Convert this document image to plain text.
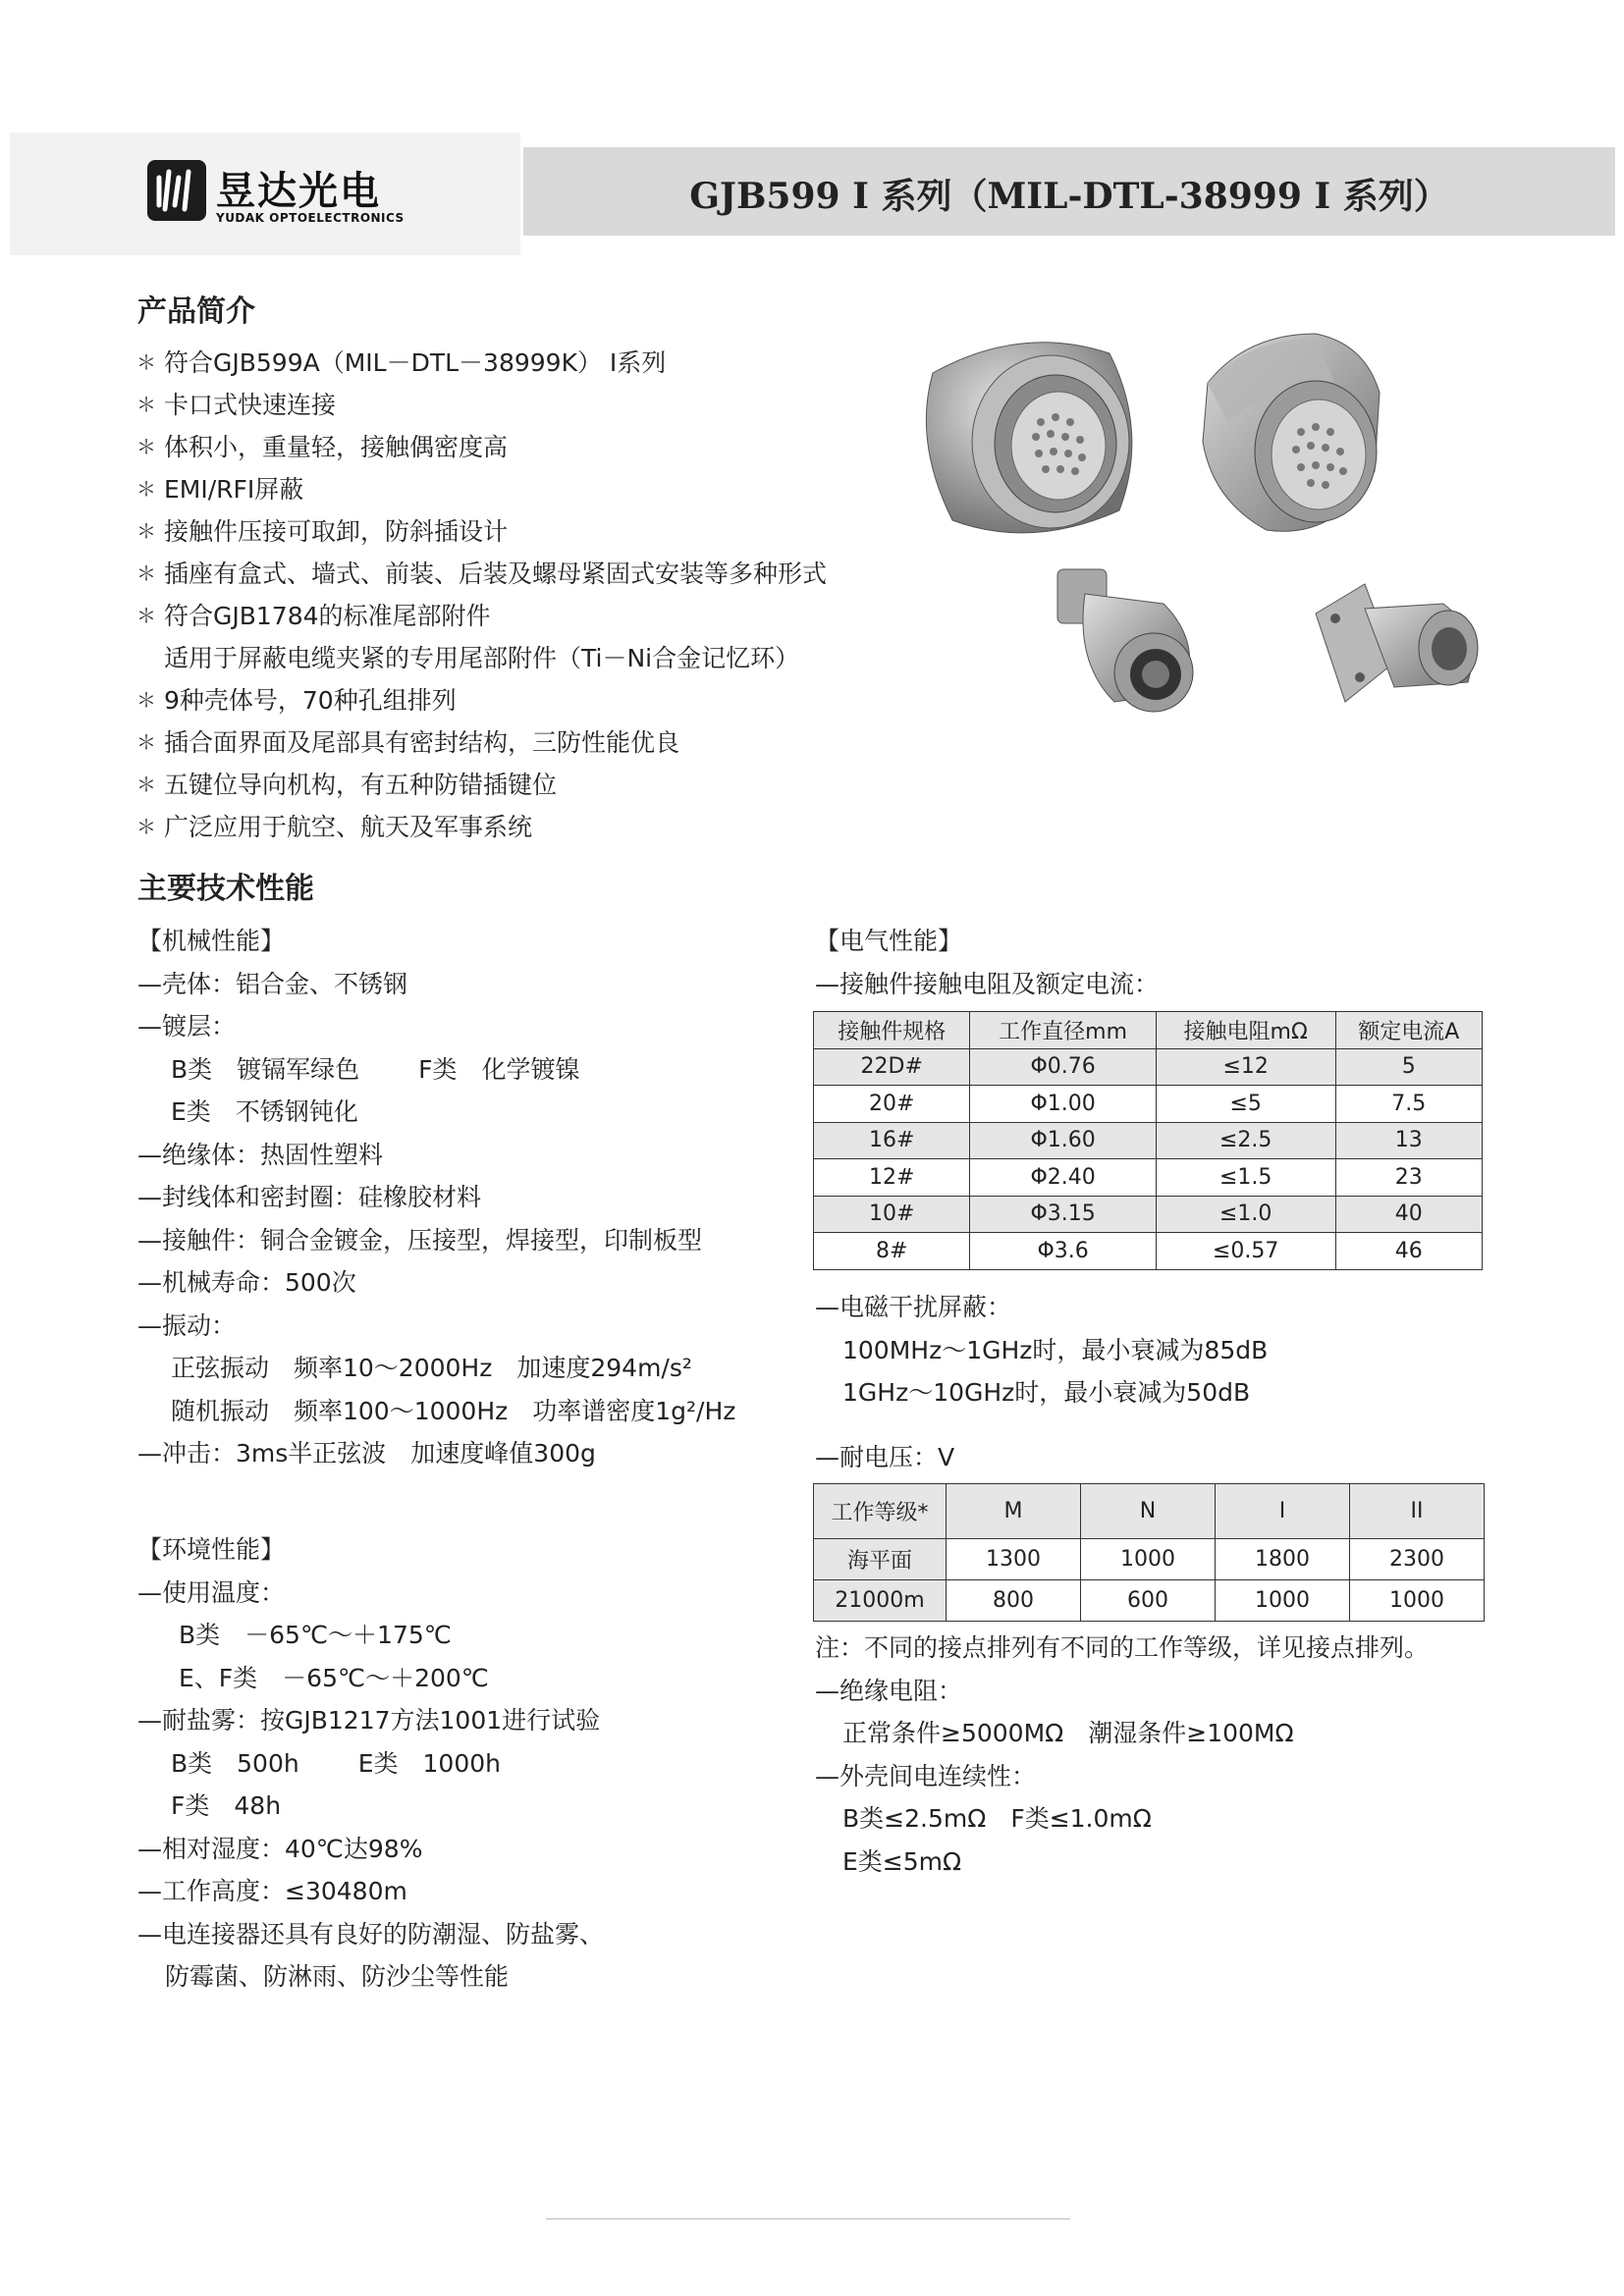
昱达光电
YUDAK OPTOELECTRONICS
GJB599 I 系列（MIL-DTL-38999 I 系列）
产品简介
＊ 符合GJB599A（MIL－DTL－38999K） Ⅰ系列
＊ 卡口式快速连接
＊ 体积小，重量轻，接触偶密度高
＊ EMI/RFI屏蔽
＊ 接触件压接可取卸，防斜插设计
＊ 插座有盒式、墙式、前装、后装及螺母紧固式安装等多种形式
＊ 符合GJB1784的标准尾部附件
适用于屏蔽电缆夹紧的专用尾部附件（Ti－Ni合金记忆环）
＊ 9种壳体号，70种孔组排列
＊ 插合面界面及尾部具有密封结构，三防性能优良
＊ 五键位导向机构，有五种防错插键位
＊ 广泛应用于航空、航天及军事系统
主要技术性能
【机械性能】
—壳体：铝合金、不锈钢
—镀层：
B类　镀镉军绿色 F类　化学镀镍
E类　不锈钢钝化
—绝缘体：热固性塑料
—封线体和密封圈：硅橡胶材料
—接触件：铜合金镀金，压接型，焊接型，印制板型
—机械寿命：500次
—振动：
正弦振动　频率10～2000Hz　加速度294m/s²
随机振动　频率100～1000Hz　功率谱密度1g²/Hz
—冲击：3ms半正弦波　加速度峰值300g
【环境性能】
—使用温度：
B类　－65℃～＋175℃
E、F类　－65℃～＋200℃
—耐盐雾：按GJB1217方法1001进行试验
B类　500h E类　1000h
F类　48h
—相对湿度：40℃达98%
—工作高度：≤30480m
—电连接器还具有良好的防潮湿、防盐雾、
防霉菌、防淋雨、防沙尘等性能
【电气性能】
—接触件接触电阻及额定电流：
接触件规格	工作直径mm	接触电阻mΩ	额定电流A
22D#	Φ0.76	≤12	5
20#	Φ1.00	≤5	7.5
16#	Φ1.60	≤2.5	13
12#	Φ2.40	≤1.5	23
10#	Φ3.15	≤1.0	40
8#	Φ3.6	≤0.57	46
—电磁干扰屏蔽：
100MHz～1GHz时，最小衰减为85dB
1GHz～10GHz时，最小衰减为50dB
—耐电压：V
工作等级*	M	N	I	II
海平面	1300	1000	1800	2300
21000m	800	600	1000	1000
注：不同的接点排列有不同的工作等级，详见接点排列。
—绝缘电阻：
正常条件≥5000MΩ　潮湿条件≥100MΩ
—外壳间电连续性：
B类≤2.5mΩ　F类≤1.0mΩ
E类≤5mΩ
